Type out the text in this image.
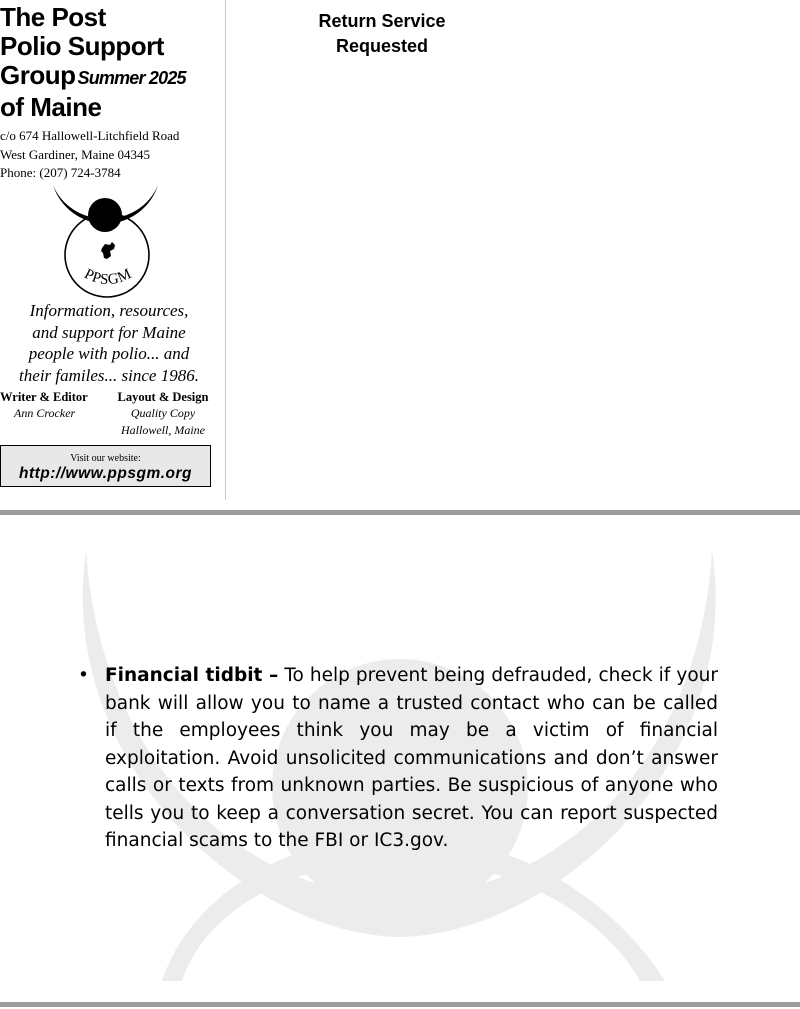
The Post
Polio Support
Group Summer 2025
of Maine
c/o 674 Hallowell-Litchfield Road
West Gardiner, Maine 04345
Phone: (207) 724-3784
PPSGM
Information, resources,
and support for Maine
people with polio... and
their familes... since 1986.
Writer & Editor
Ann Crocker
Layout & Design
Quality Copy
Hallowell, Maine
Visit our website:
http://www.ppsgm.org
Return Service
Requested
• Financial tidbit – To help prevent being defrauded, check if your bank will allow you to name a trusted contact who can be called if the employees think you may be a victim of financial exploitation. Avoid unsolicited communications and don’t answer calls or texts from unknown parties. Be suspicious of anyone who tells you to keep a conversation secret. You can report suspected financial scams to the FBI or IC3.gov.
